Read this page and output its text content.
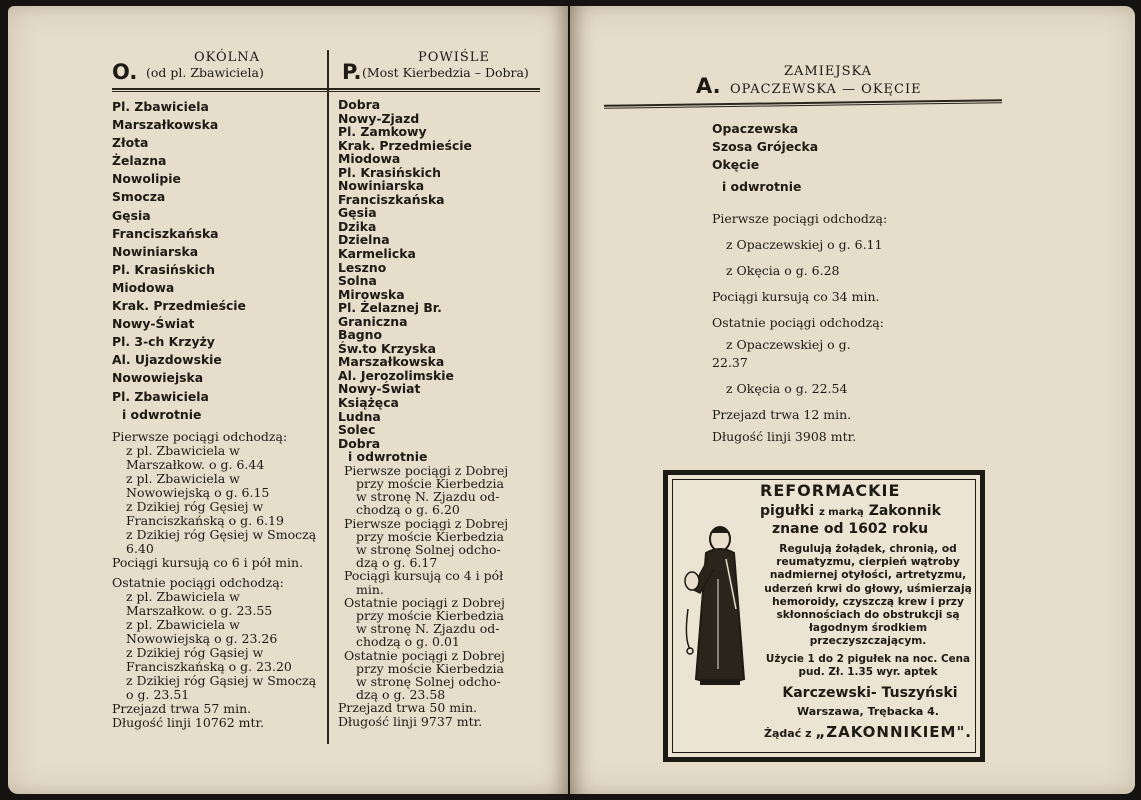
O.
OKÓLNA
(od pl. Zbawiciela)	P.
POWIŚLE
(Most Kierbedzia – Dobra)
Pl. Zbawiciela
Marszałkowska
Złota
Żelazna
Nowolipie
Smocza
Gęsia
Franciszkańska
Nowiniarska
Pl. Krasińskich
Miodowa
Krak. Przedmieście
Nowy-Świat
Pl. 3-ch Krzyży
Al. Ujazdowskie
Nowowiejska
Pl. Zbawiciela
i odwrotnie
Pierwsze pociągi odchodzą:
z pl. Zbawiciela w Marszałkow. o g. 6.44
z pl. Zbawiciela w Nowowiejską o g. 6.15
z Dzikiej róg Gęsiej w Franciszkańską o g. 6.19
z Dzikiej róg Gęsiej w Smoczą 6.40
Pociągi kursują co 6 i pół min.
Ostatnie pociągi odchodzą:
z pl. Zbawiciela w Marszałkow. o g. 23.55
z pl. Zbawiciela w Nowowiejską o g. 23.26
z Dzikiej róg Gąsiej w Franciszkańską o g. 23.20
z Dzikiej róg Gąsiej w Smoczą o g. 23.51
Przejazd trwa 57 min.
Długość linji 10762 mtr.
Dobra
Nowy-Zjazd
Pl. Zamkowy
Krak. Przedmieście
Miodowa
Pl. Krasińskich
Nowiniarska
Franciszkańska
Gęsia
Dzika
Dzielna
Karmelicka
Leszno
Solna
Mirowska
Pl. Żelaznej Br.
Graniczna
Bagno
Św.to Krzyska
Marszałkowska
Al. Jerozolimskie
Nowy-Świat
Książęca
Ludna
Solec
Dobra
i odwrotnie
Pierwsze pociągi z Dobrej
przy moście Kierbedzia
w stronę N. Zjazdu od-
chodzą o g. 6.20
Pierwsze pociągi z Dobrej
przy moście Kierbedzia
w stronę Solnej odcho-
dzą o g. 6.17
Pociągi kursują co 4 i pół
min.
Ostatnie pociągi z Dobrej
przy moście Kierbedzia
w stronę N. Zjazdu od-
chodzą o g. 0.01
Ostatnie pociągi z Dobrej
przy moście Kierbedzia
w stronę Solnej odcho-
dzą o g. 23.58
Przejazd trwa 50 min.
Długość linji 9737 mtr.
ZAMIEJSKA
A. OPACZEWSKA — OKĘCIE
Opaczewska
Szosa Grójecka
Okęcie
i odwrotnie
Pierwsze pociągi odchodzą:
z Opaczewskiej o g. 6.11
z Okęcia o g. 6.28
Pociągi kursują co 34 min.
Ostatnie pociągi odchodzą:
z Opaczewskiej o g.
22.37
z Okęcia o g. 22.54
Przejazd trwa 12 min.
Długość linji 3908 mtr.
REFORMACKIE
pigułki z marką Zakonnik
znane od 1602 roku
Regulują żołądek, chronią, od reumatyzmu, cierpień wątroby nadmiernej otyłości, artretyzmu, uderzeń krwi do głowy, uśmierzają hemoroidy, czyszczą krew i przy skłonnościach do obstrukcji są łagodnym środkiem przeczyszczającym.
Użycie 1 do 2 pigułek na noc. Cena pud. Zł. 1.35 wyr. aptek
Karczewski- Tuszyński
Warszawa, Trębacka 4.
Żądać z „ZAKONNIKIEM".
